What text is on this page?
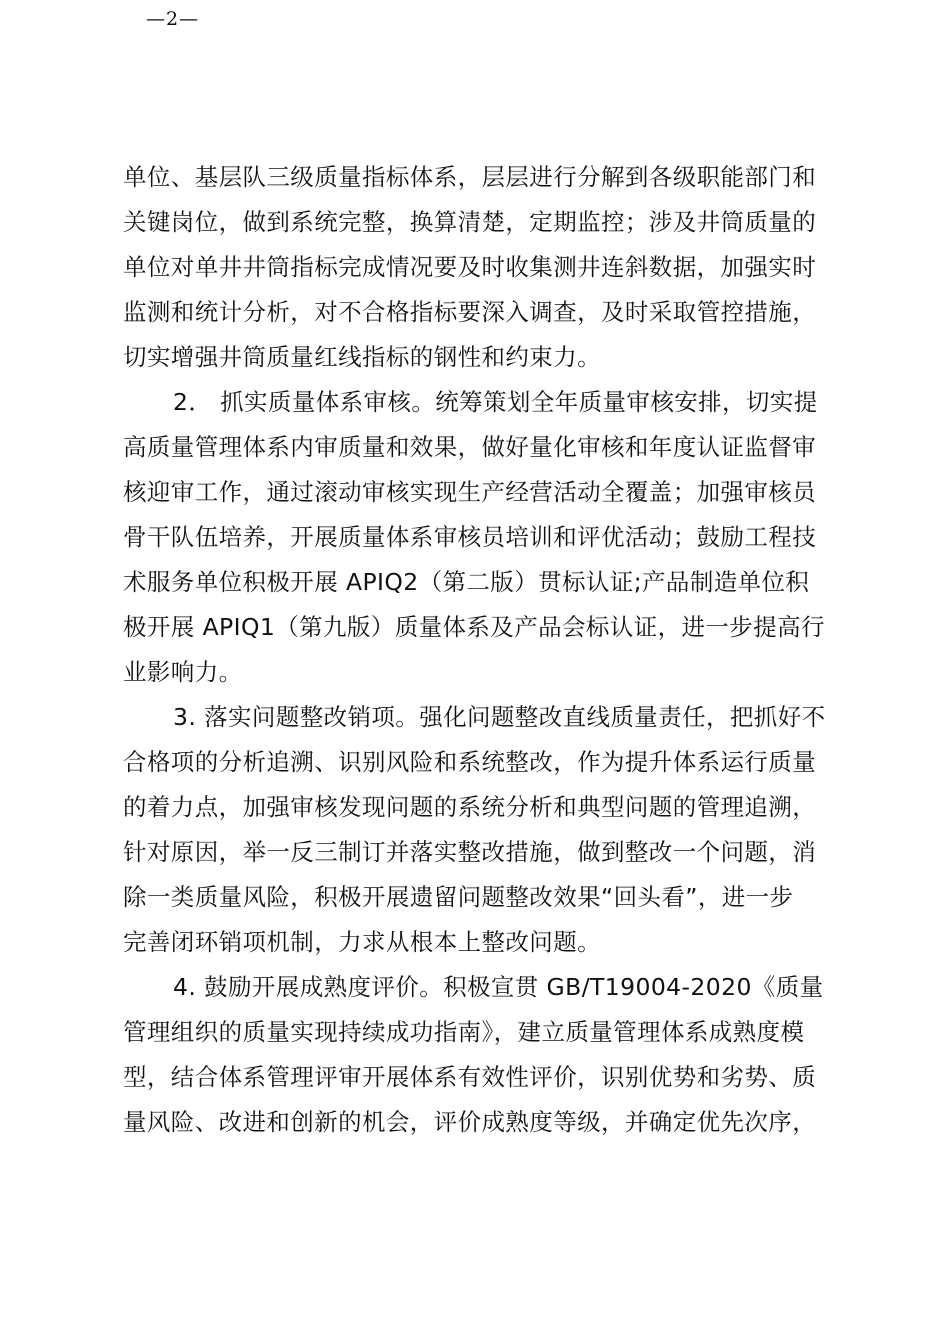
—2—
单位、基层队三级质量指标体系，层层进行分解到各级职能部门和
关键岗位，做到系统完整，换算清楚，定期监控；涉及井筒质量的
单位对单井井筒指标完成情况要及时收集测井连斜数据，加强实时
监测和统计分析，对不合格指标要深入调查，及时采取管控措施，
切实增强井筒质量红线指标的钢性和约束力。
2． 抓实质量体系审核。统筹策划全年质量审核安排，切实提
高质量管理体系内审质量和效果，做好量化审核和年度认证监督审
核迎审工作，通过滚动审核实现生产经营活动全覆盖；加强审核员
骨干队伍培养，开展质量体系审核员培训和评优活动；鼓励工程技
术服务单位积极开展 APIQ2（第二版）贯标认证;产品制造单位积
极开展 APIQ1（第九版）质量体系及产品会标认证，进一步提高行
业影响力。
3. 落实问题整改销项。强化问题整改直线质量责任，把抓好不
合格项的分析追溯、识别风险和系统整改，作为提升体系运行质量
的着力点，加强审核发现问题的系统分析和典型问题的管理追溯，
针对原因，举一反三制订并落实整改措施，做到整改一个问题，消
除一类质量风险，积极开展遗留问题整改效果“回头看”，进一步
完善闭环销项机制，力求从根本上整改问题。
4. 鼓励开展成熟度评价。积极宣贯 GB/T19004-2020《质量
管理组织的质量实现持续成功指南》，建立质量管理体系成熟度模
型，结合体系管理评审开展体系有效性评价，识别优势和劣势、质
量风险、改进和创新的机会，评价成熟度等级，并确定优先次序，
